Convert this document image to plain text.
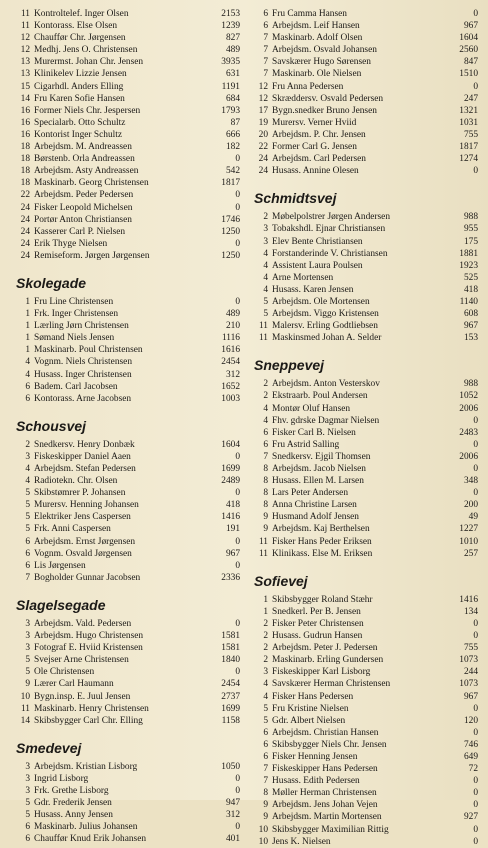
11 Kontroltelef. Inger Olsen	2153
11 Kontorass. Else Olsen	1239
12 Chauffør Chr. Jørgensen	827
12 Medhj. Jens O. Christensen	489
13 Murermst. Johan Chr. Jensen	3935
13 Klinikelev Lizzie Jensen	631
15 Cigarhdl. Anders Elling	1191
14 Fru Karen Sofie Hansen	684
16 Former Niels Chr. Jespersen	1793
16 Specialarb. Otto Schultz	87
16 Kontorist Inger Schultz	666
18 Arbejdsm. M. Andreassen	182
18 Børstenb. Orla Andreassen	0
18 Arbejdsm. Asty Andreassen	542
18 Maskinarb. Georg Christensen	1817
22 Arbejdsm. Peder Pedersen	0
24 Fisker Leopold Michelsen	0
24 Portør Anton Christiansen	1746
24 Kasserer Carl P. Nielsen	1250
24 Erik Thyge Nielsen	0
24 Remiseform. Jørgen Jørgensen	1250
Skolegade
1 Fru Line Christensen	0
1 Frk. Inger Christensen	489
1 Lærling Jørn Christensen	210
1 Sømand Niels Jensen	1116
1 Maskinarb. Poul Christensen	1616
4 Vognm. Niels Christensen	2454
4 Husass. Inger Christensen	312
6 Badem. Carl Jacobsen	1652
6 Kontorass. Arne Jacobsen	1003
Schousvej
2 Snedkersv. Henry Donbæk	1604
3 Fiskeskipper Daniel Aaen	0
4 Arbejdsm. Stefan Pedersen	1699
4 Radiotekn. Chr. Olsen	2489
5 Skibstømrer P. Johansen	0
5 Murersv. Henning Johansen	418
5 Elektriker Jens Caspersen	1416
5 Frk. Anni Caspersen	191
6 Arbejdsm. Ernst Jørgensen	0
6 Vognm. Osvald Jørgensen	967
6 Lis Jørgensen	0
7 Bogholder Gunnar Jacobsen	2336
Slagelsegade
3 Arbejdsm. Vald. Pedersen	0
3 Arbejdsm. Hugo Christensen	1581
3 Fotograf E. Hviid Kristensen	1581
5 Svejser Arne Christensen	1840
5 Ole Christensen	0
9 Lærer Carl Haumann	2454
10 Bygn.insp. E. Juul Jensen	2737
11 Maskinarb. Henry Christensen	1699
14 Skibsbygger Carl Chr. Elling	1158
Smedevej
3 Arbejdsm. Kristian Lisborg	1050
3 Ingrid Lisborg	0
3 Frk. Grethe Lisborg	0
5 Gdr. Frederik Jensen	947
5 Husass. Anny Jensen	312
6 Maskinarb. Julius Johansen	0
6 Chauffør Knud Erik Johansen	401
6 Fru Camma Hansen	0
6 Arbejdsm. Leif Hansen	967
7 Maskinarb. Adolf Olsen	1604
7 Arbejdsm. Osvald Johansen	2560
7 Savskærer Hugo Sørensen	847
7 Maskinarb. Ole Nielsen	1510
12 Fru Anna Pedersen	0
12 Skræddersv. Osvald Pedersen	247
17 Bygn.snedker Bruno Jensen	1321
19 Murersv. Verner Hviid	1031
20 Arbejdsm. P. Chr. Jensen	755
22 Former Carl G. Jensen	1817
24 Arbejdsm. Carl Pedersen	1274
24 Husass. Annine Olesen	0
Schmidtsvej
2 Møbelpolstrer Jørgen Andersen	988
3 Tobakshdl. Ejnar Christiansen	955
3 Elev Bente Christiansen	175
4 Forstanderinde V. Christiansen	1881
4 Assistent Laura Poulsen	1923
4 Arne Mortensen	525
4 Husass. Karen Jensen	418
5 Arbejdsm. Ole Mortensen	1140
5 Arbejdsm. Viggo Kristensen	608
11 Malersv. Erling Godtliebsen	967
11 Maskinsmed Johan A. Selder	153
Sneppevej
2 Arbejdsm. Anton Vesterskov	988
2 Ekstraarb. Poul Andersen	1052
4 Montør Oluf Hansen	2006
4 Fhv. gdrske Dagmar Nielsen	0
6 Fisker Carl B. Nielsen	2483
6 Fru Astrid Salling	0
7 Snedkersv. Ejgil Thomsen	2006
8 Arbejdsm. Jacob Nielsen	0
8 Husass. Ellen M. Larsen	348
8 Lars Peter Andersen	0
8 Anna Christine Larsen	200
9 Husmand Adolf Jensen	49
9 Arbejdsm. Kaj Berthelsen	1227
11 Fisker Hans Peder Eriksen	1010
11 Klinikass. Else M. Eriksen	257
Sofievej
1 Skibsbygger Roland Stæhr	1416
1 Snedkerl. Per B. Jensen	134
2 Fisker Peter Christensen	0
2 Husass. Gudrun Hansen	0
2 Arbejdsm. Peter J. Pedersen	755
2 Maskinarb. Erling Gundersen	1073
3 Fiskeskipper Karl Lisborg	244
4 Savskærer Herman Christensen	1073
4 Fisker Hans Pedersen	967
5 Fru Kristine Nielsen	0
5 Gdr. Albert Nielsen	120
6 Arbejdsm. Christian Hansen	0
6 Skibsbygger Niels Chr. Jensen	746
6 Fisker Henning Jensen	649
7 Fiskeskipper Hans Pedersen	72
7 Husass. Edith Pedersen	0
8 Møller Herman Christensen	0
9 Arbejdsm. Jens Johan Vejen	0
9 Arbejdsm. Martin Mortensen	927
10 Skibsbygger Maximilian Rittig	0
10 Jens K. Nielsen	0
